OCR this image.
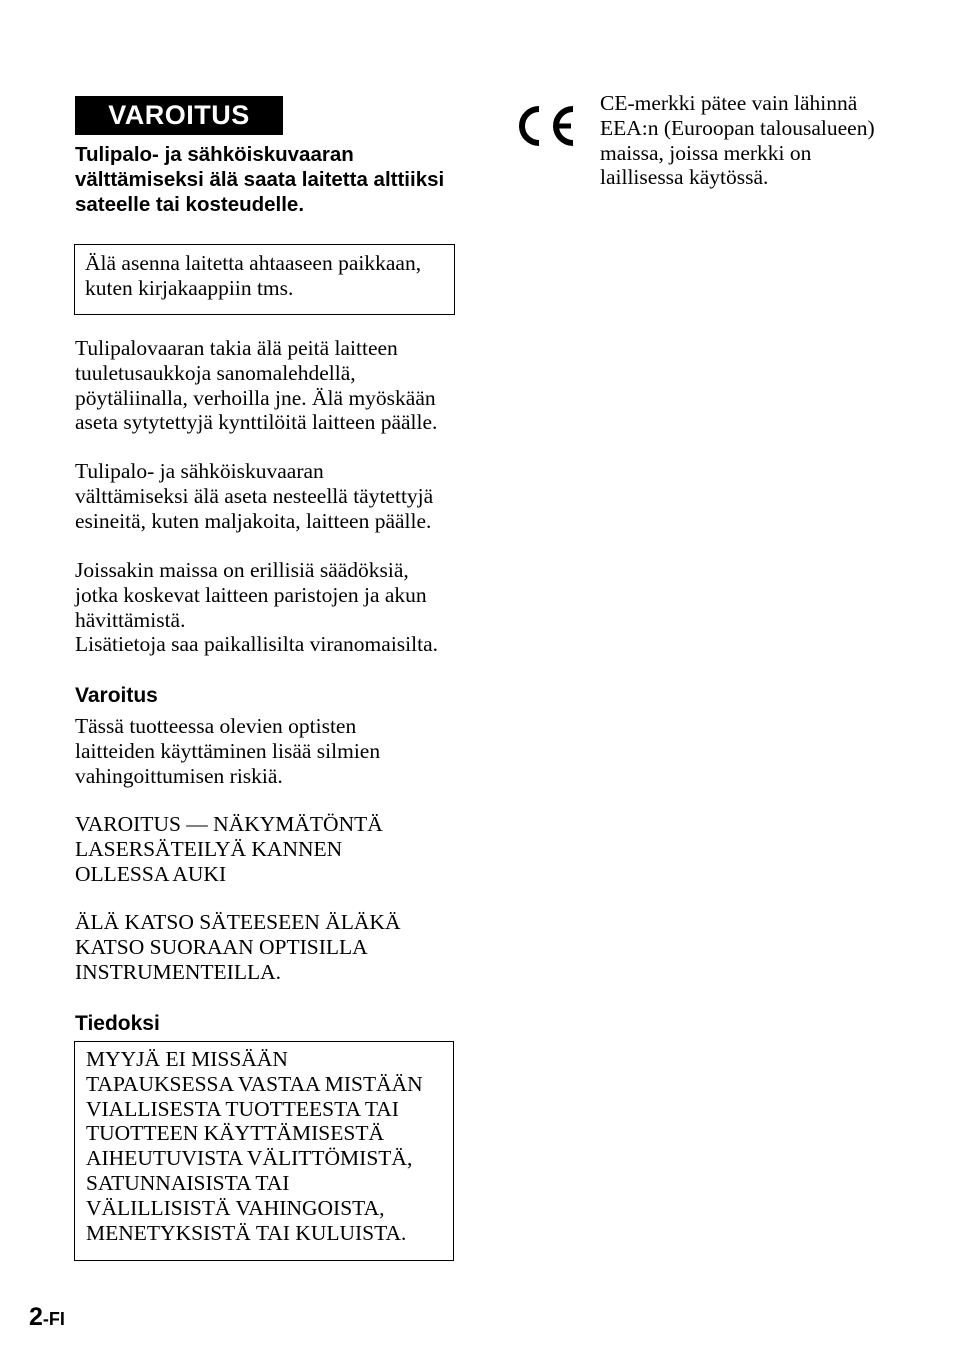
VAROITUS
Tulipalo- ja sähköiskuvaaran välttämiseksi älä saata laitetta alttiiksi sateelle tai kosteudelle.
Älä asenna laitetta ahtaaseen paikkaan, kuten kirjakaappiin tms.
Tulipalovaaran takia älä peitä laitteen
tuuletusaukkoja sanomalehdellä,
pöytäliinalla, verhoilla jne. Älä myöskään
aseta sytytettyjä kynttilöitä laitteen päälle.
Tulipalo- ja sähköiskuvaaran
välttämiseksi älä aseta nesteellä täytettyjä
esineitä, kuten maljakoita, laitteen päälle.
Joissakin maissa on erillisiä säädöksiä,
jotka koskevat laitteen paristojen ja akun
hävittämistä.
Lisätietoja saa paikallisilta viranomaisilta.
Varoitus
Tässä tuotteessa olevien optisten
laitteiden käyttäminen lisää silmien
vahingoittumisen riskiä.
VAROITUS — NÄKYMÄTÖNTÄ
LASERSÄTEILYÄ KANNEN
OLLESSA AUKI
ÄLÄ KATSO SÄTEESEEN ÄLÄKÄ
KATSO SUORAAN OPTISILLA
INSTRUMENTEILLA.
Tiedoksi
MYYJÄ EI MISSÄÄN
TAPAUKSESSA VASTAA MISTÄÄN
VIALLISESTA TUOTTEESTA TAI
TUOTTEEN KÄYTTÄMISESTÄ
AIHEUTUVISTA VÄLITTÖMISTÄ,
SATUNNAISISTA TAI
VÄLILLISISTÄ VAHINGOISTA,
MENETYKSISTÄ TAI KULUISTA.
CE-merkki pätee vain lähinnä
EEA:n (Euroopan talousalueen)
maissa, joissa merkki on
laillisessa käytössä.
2-FI
